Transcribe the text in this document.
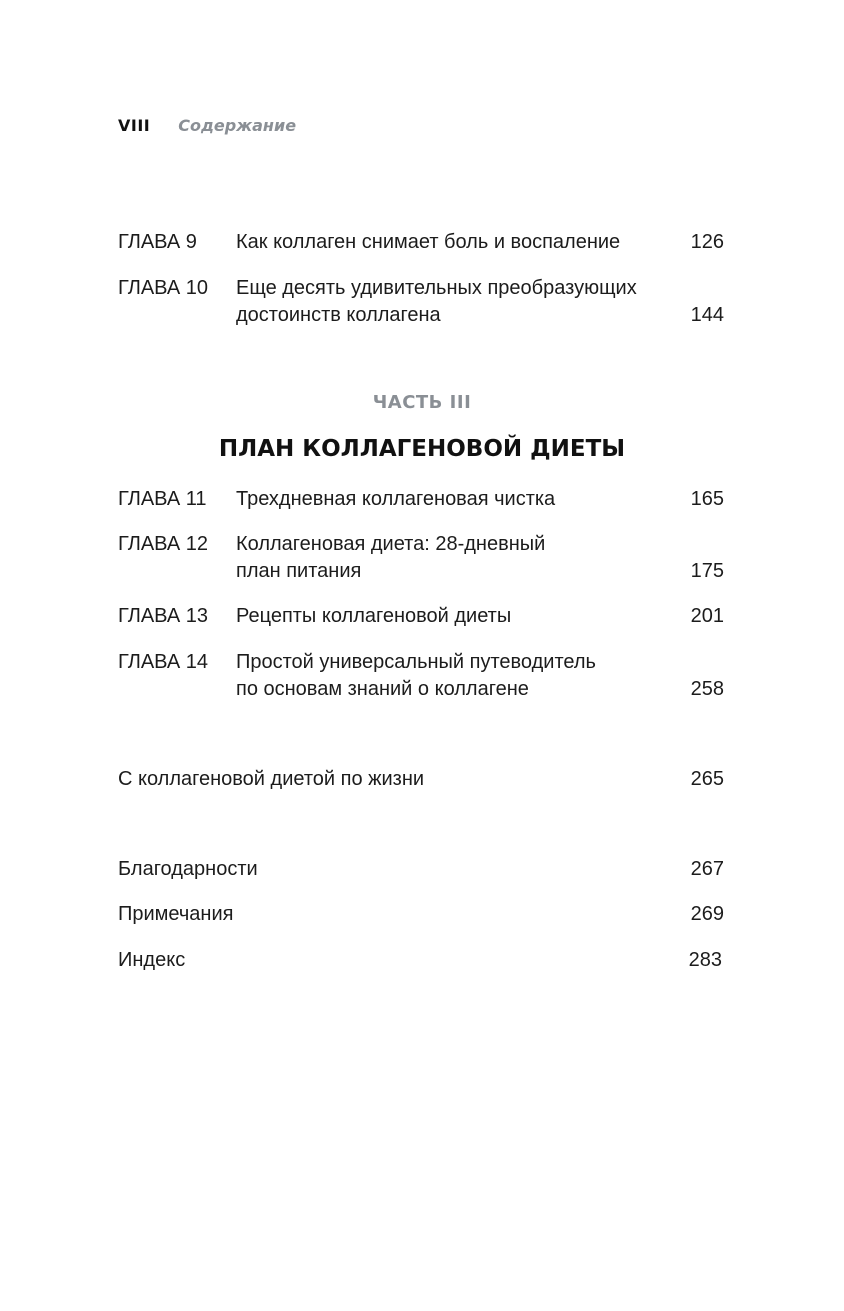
VIII Содержание
ГЛАВА 9 Как коллаген снимает боль и воспаление	126
ГЛАВА 10 Еще десять удивительных преобразующих
достоинств коллагена	144
ЧАСТЬ III
ПЛАН КОЛЛАГЕНОВОЙ ДИЕТЫ
ГЛАВА 11 Трехдневная коллагеновая чистка	165
ГЛАВА 12 Коллагеновая диета: 28-дневный
план питания	175
ГЛАВА 13 Рецепты коллагеновой диеты	201
ГЛАВА 14 Простой универсальный путеводитель
по основам знаний о коллагене	258
С коллагеновой диетой по жизни	265
Благодарности	267
Примечания	269
Индекс	283
